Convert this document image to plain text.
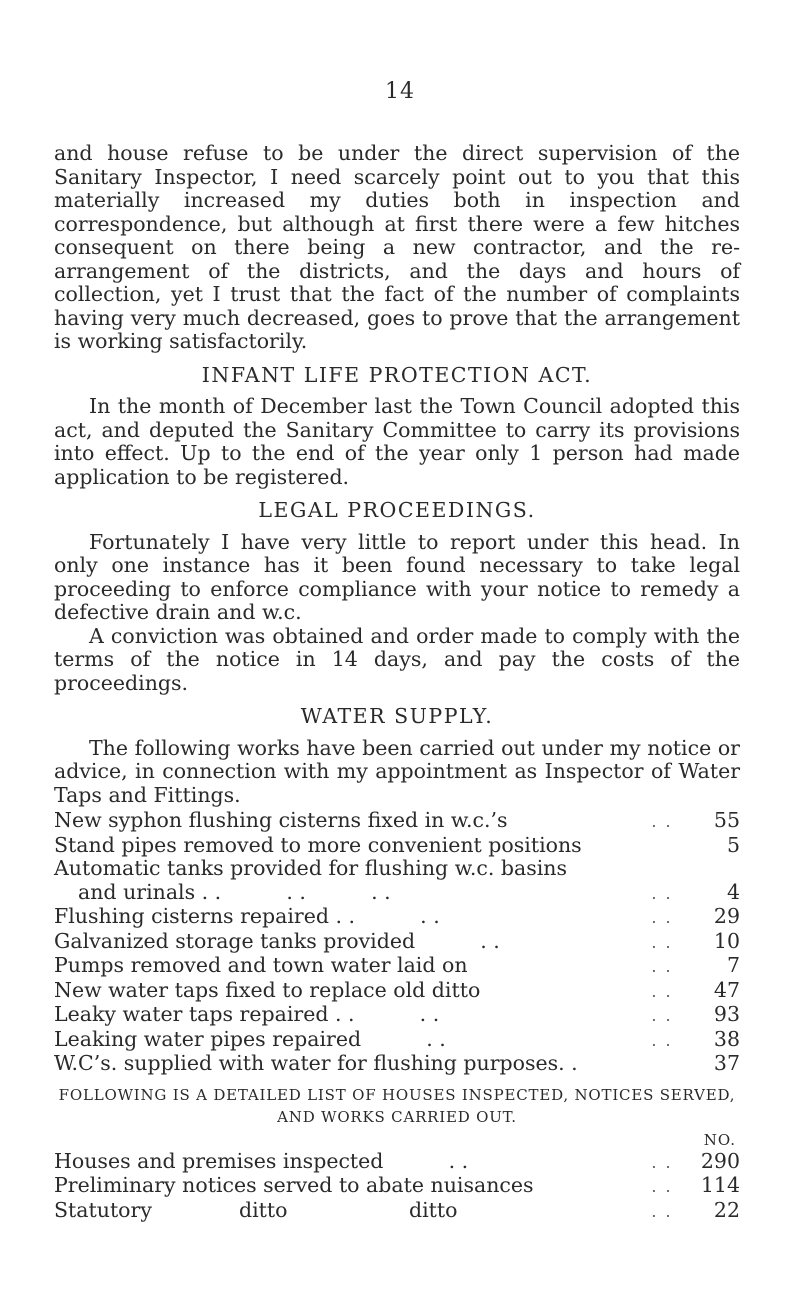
14

and house refuse to be under the direct supervision of the Sanitary Inspector, I need scarcely point out to you that this materially increased my duties both in inspection and correspondence, but although at first there were a few hitches consequent on there being a new contractor, and the re-arrangement of the districts, and the days and hours of collection, yet I trust that the fact of the number of complaints having very much decreased, goes to prove that the arrangement is working satisfactorily.

INFANT LIFE PROTECTION ACT.

In the month of December last the Town Council adopted this act, and deputed the Sanitary Committee to carry its provisions into effect. Up to the end of the year only 1 person had made application to be registered.

LEGAL PROCEEDINGS.

Fortunately I have very little to report under this head. In only one instance has it been found necessary to take legal proceeding to enforce compliance with your notice to remedy a defective drain and w.c.

A conviction was obtained and order made to comply with the terms of the notice in 14 days, and pay the costs of the proceedings.

WATER SUPPLY.

The following works have been carried out under my notice or advice, in connection with my appointment as Inspector of Water Taps and Fittings.

New syphon flushing cisterns fixed in w.c.’s	. .	55
Stand pipes removed to more convenient positions	5
Automatic tanks provided for flushing w.c. basins
and urinals . .          . .          . .	. .	4
Flushing cisterns repaired . .          . .	. .	29
Galvanized storage tanks provided          . .	. .	10
Pumps removed and town water laid on	. .	7
New water taps fixed to replace old ditto	. .	47
Leaky water taps repaired . .          . .	. .	93
Leaking water pipes repaired          . .	. .	38
W.C’s. supplied with water for flushing purposes. .	37
FOLLOWING IS A DETAILED LIST OF HOUSES INSPECTED, NOTICES SERVED, AND WORKS CARRIED OUT.
NO.
Houses and premises inspected          . .	. .	290
Preliminary notices served to abate nuisances	. .	114
Statutory	ditto	ditto	. .	22
